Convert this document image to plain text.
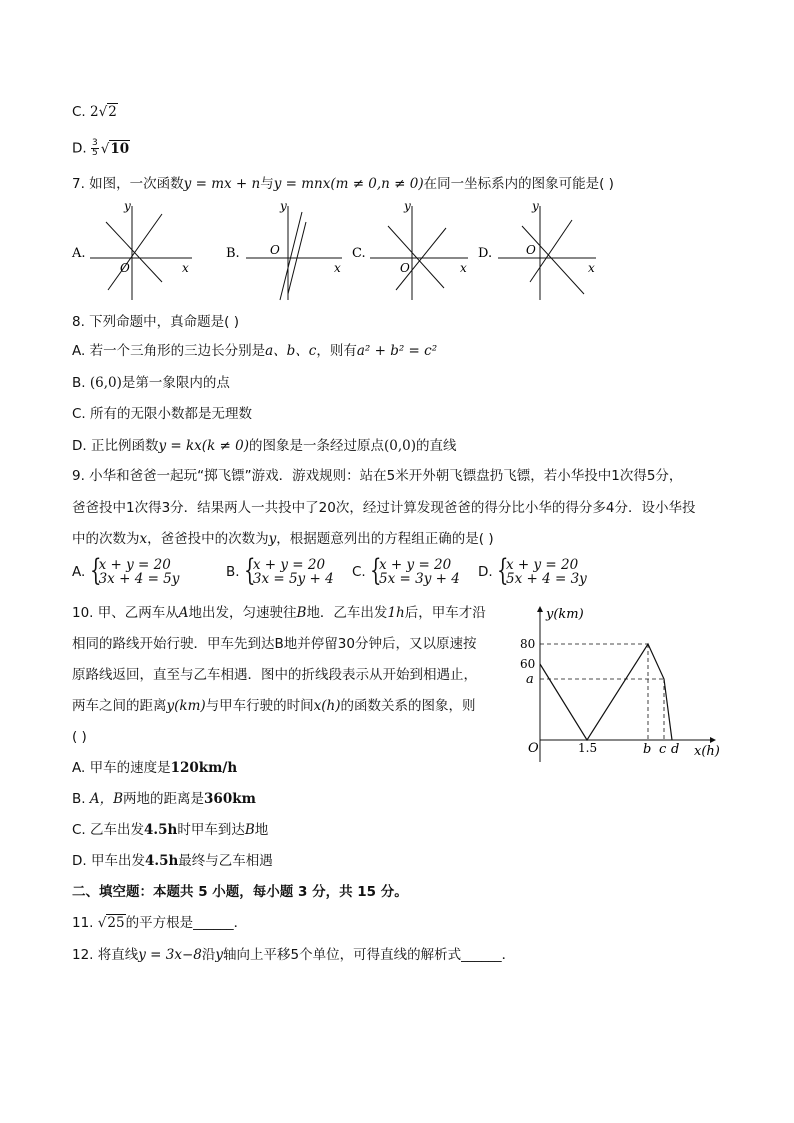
C. 2√2
D. $\frac{3}{5} √10$
7. 如图，一次函数y = mx + n与y = mnx(m ≠ 0,n ≠ 0)在同一坐标系内的图象可能是( )
A.
O	x
y
B.	O
x
y
C.
O	x
y
D.	O
x
y
8. 下列命题中，真命题是( )
A. 若一个三角形的三边长分别是a、b、c，则有a² + b² = c²
B. (6,0)是第一象限内的点
C. 所有的无限小数都是无理数
D. 正比例函数y = kx(k ≠ 0)的图象是一条经过原点(0,0)的直线
9. 小华和爸爸一起玩“掷飞镖”游戏．游戏规则：站在5米开外朝飞镖盘扔飞镖，若小华投中1次得5分，
爸爸投中1次得3分．结果两人一共投中了20次，经过计算发现爸爸的得分比小华的得分多4分．设小华投
中的次数为x，爸爸投中的次数为y，根据题意列出的方程组正确的是( )
A. {
x + y = 20
3x + 4 = 5y	B. {
x + y = 20
3x = 5y + 4 C. {
x + y = 20
5x = 3y + 4 D. {
x + y = 20
5x + 4 = 3y
10. 甲、乙两车从A地出发，匀速驶往B地．乙车出发1h后，甲车才沿
相同的路线开始行驶．甲车先到达B地并停留30分钟后，又以原速按
原路线返回，直至与乙车相遇．图中的折线段表示从开始到相遇止，
两车之间的距离y(km)与甲车行驶的时间x(h)的函数关系的图象，则
( )
A. 甲车的速度是120km/h
B. A，B两地的距离是360km
C. 乙车出发4.5h时甲车到达B地
D. 甲车出发4.5h最终与乙车相遇
y(km)
x(h)
O
80
60
a
1.5	b c d
二、填空题：本题共 5 小题，每小题 3 分，共 15 分。
11. √25的平方根是______．
12. 将直线y = 3x−8沿y轴向上平移5个单位，可得直线的解析式______．
